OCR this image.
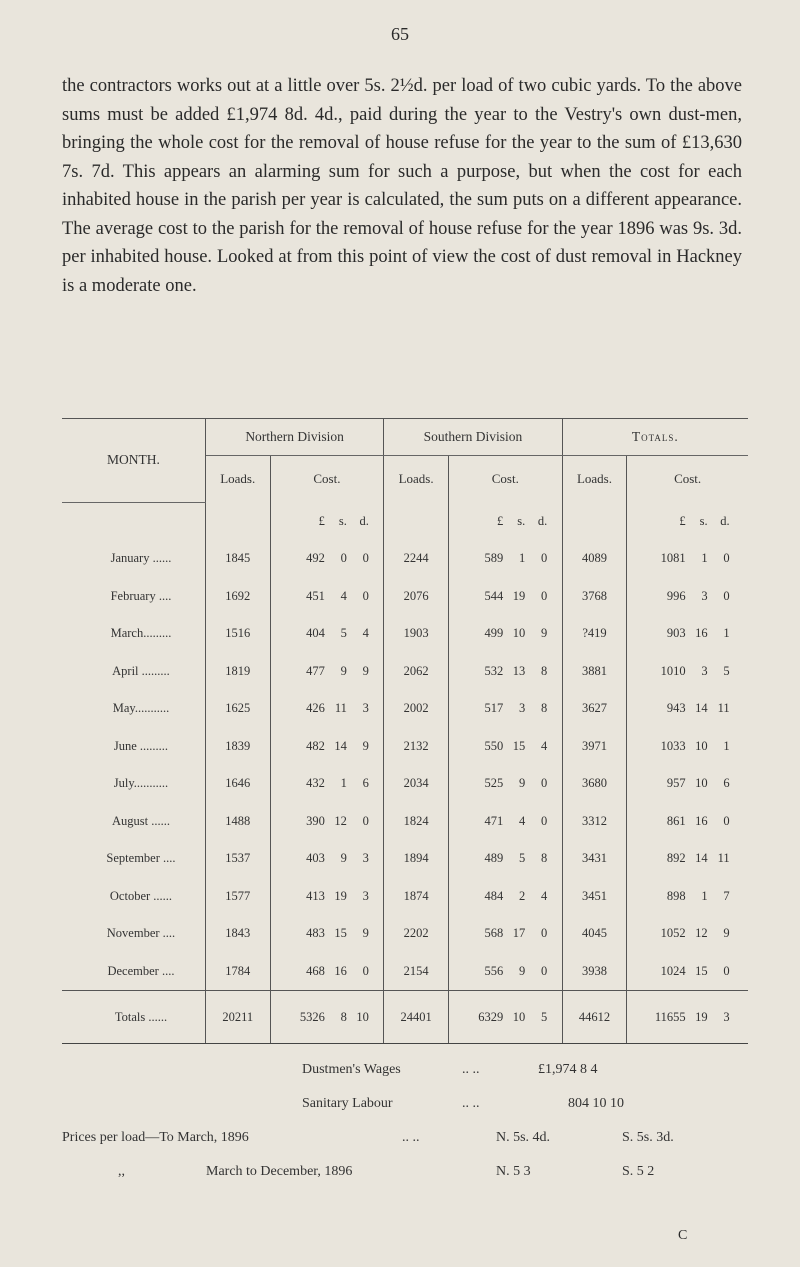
65
the contractors works out at a little over 5s. 2½d. per load of two cubic yards. To the above sums must be added £1,974 8d. 4d., paid during the year to the Vestry's own dust-men, bringing the whole cost for the removal of house refuse for the year to the sum of £13,630 7s. 7d. This appears an alarming sum for such a purpose, but when the cost for each inhabited house in the parish per year is calculated, the sum puts on a different appearance. The average cost to the parish for the removal of house refuse for the year 1896 was 9s. 3d. per inhabited house. Looked at from this point of view the cost of dust removal in Hackney is a moderate one.
MONTH.	Northern Division		Southern Division		Totals.	
	Loads.	Cost.	Loads.	Cost.	Loads.	Cost.
		£ s. d.		£ s. d.		£ s. d.
January ......	1845	492 0 0	2244	589 1 0	4089	1081 1 0
February ....	1692	451 4 0	2076	544 19 0	3768	996 3 0
March.........	1516	404 5 4	1903	499 10 9	?419	903 16 1
April .........	1819	477 9 9	2062	532 13 8	3881	1010 3 5
May...........	1625	426 11 3	2002	517 3 8	3627	943 14 11
June .........	1839	482 14 9	2132	550 15 4	3971	1033 10 1
July...........	1646	432 1 6	2034	525 9 0	3680	957 10 6
August ......	1488	390 12 0	1824	471 4 0	3312	861 16 0
September ....	1537	403 9 3	1894	489 5 8	3431	892 14 11
October ......	1577	413 19 3	1874	484 2 4	3451	898 1 7
November ....	1843	483 15 9	2202	568 17 0	4045	1052 12 9
December ....	1784	468 16 0	2154	556 9 0	3938	1024 15 0
Totals ......	20211	5326 8 10	24401	6329 10 5	44612	11655 19 3
Dustmen's Wages	.. ..	£1,974 8 4
Sanitary Labour	.. ..	804 10 10
Prices per load—To March, 1896	.. ..	N. 5s. 4d.	S. 5s. 3d.
,,	March to December, 1896	N. 5 3	S. 5 2
C
